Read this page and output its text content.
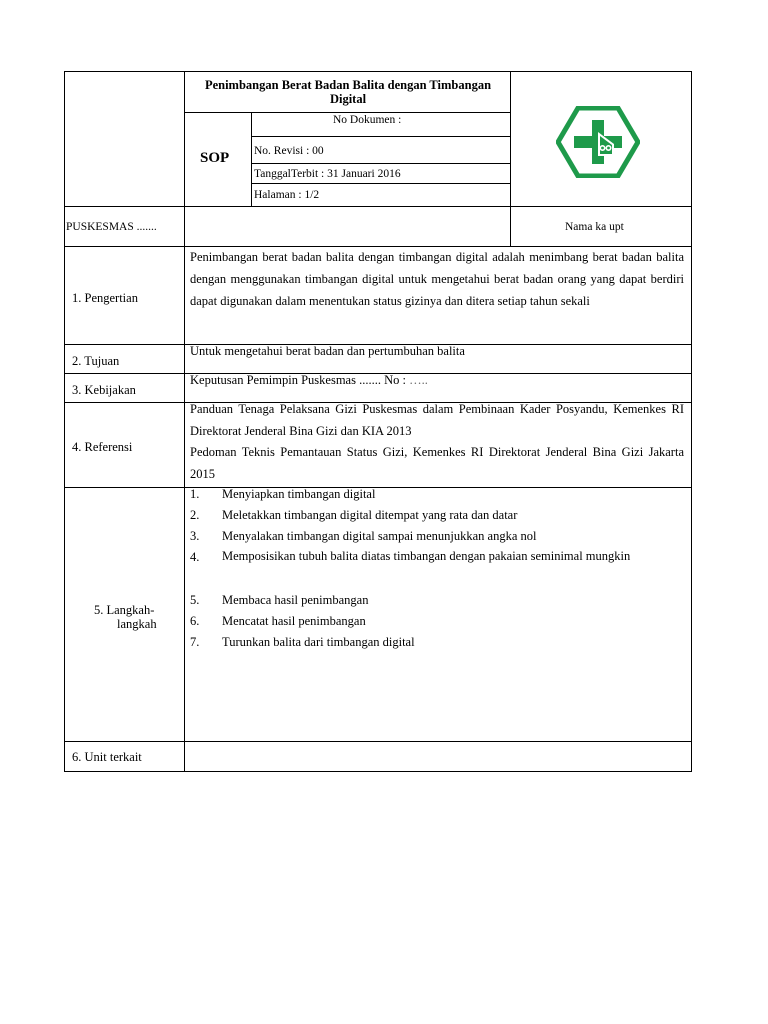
Penimbangan Berat Badan Balita dengan Timbangan Digital
SOP
No Dokumen :
No. Revisi : 00
TanggalTerbit : 31 Januari 2016
Halaman : 1/2
PUSKESMAS .......	Nama ka upt
1. Pengertian
Penimbangan berat badan balita dengan timbangan digital adalah menimbang berat badan balita dengan menggunakan timbangan digital untuk mengetahui berat badan orang yang dapat berdiri dapat digunakan dalam menentukan status gizinya dan ditera setiap tahun sekali
2. Tujuan
Untuk mengetahui berat badan dan pertumbuhan balita
3. Kebijakan
Keputusan Pemimpin Puskesmas ....... No : …..
4. Referensi
Panduan Tenaga Pelaksana Gizi Puskesmas dalam Pembinaan Kader Posyandu, Kemenkes RI Direktorat Jenderal Bina Gizi dan KIA 2013
Pedoman Teknis Pemantauan Status Gizi, Kemenkes RI Direktorat Jenderal Bina Gizi Jakarta 2015
5. Langkah-
langkah
1. Menyiapkan timbangan digital
2. Meletakkan timbangan digital ditempat yang rata dan datar
3. Menyalakan timbangan digital sampai menunjukkan angka nol
4. Memposisikan tubuh balita diatas timbangan dengan pakaian seminimal mungkin
5. Membaca hasil penimbangan
6. Mencatat hasil penimbangan
7. Turunkan balita dari timbangan digital
6. Unit terkait
